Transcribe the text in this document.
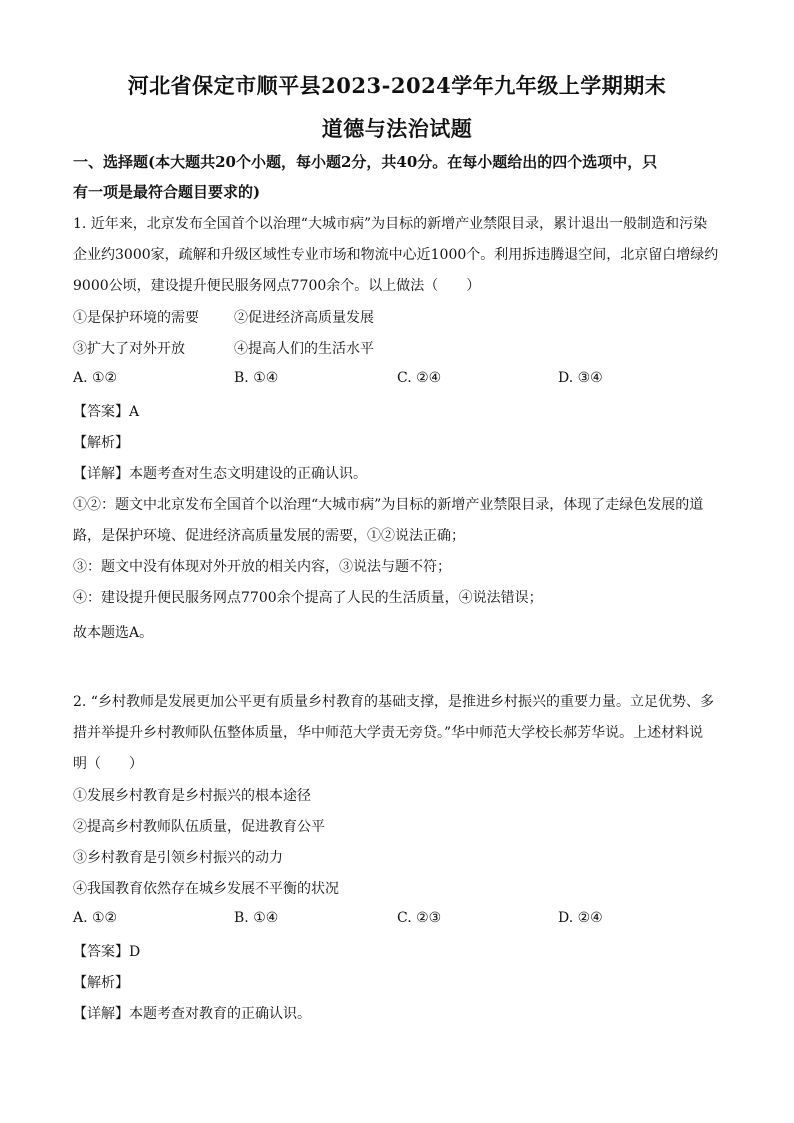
河北省保定市顺平县2023-2024学年九年级上学期期末
道德与法治试题
一、选择题(本大题共20个小题，每小题2分，共40分。在每小题给出的四个选项中，只
有一项是最符合题目要求的)
1. 近年来，北京发布全国首个以治理“大城市病”为目标的新增产业禁限目录，累计退出一般制造和污染
企业约3000家，疏解和升级区域性专业市场和物流中心近1000个。利用拆违腾退空间，北京留白增绿约
9000公顷，建设提升便民服务网点7700余个。以上做法（　　）
①是保护环境的需要	②促进经济高质量发展
③扩大了对外开放	④提高人们的生活水平
A. ①②	B. ①④	C. ②④	D. ③④
【答案】A
【解析】
【详解】本题考查对生态文明建设的正确认识。
①②：题文中北京发布全国首个以治理“大城市病”为目标的新增产业禁限目录，体现了走绿色发展的道
路，是保护环境、促进经济高质量发展的需要，①②说法正确；
③：题文中没有体现对外开放的相关内容，③说法与题不符；
④：建设提升便民服务网点7700余个提高了人民的生活质量，④说法错误；
故本题选A。
2. “乡村教师是发展更加公平更有质量乡村教育的基础支撑，是推进乡村振兴的重要力量。立足优势、多
措并举提升乡村教师队伍整体质量，华中师范大学责无旁贷。”华中师范大学校长郝芳华说。上述材料说
明（　　）
①发展乡村教育是乡村振兴的根本途径
②提高乡村教师队伍质量，促进教育公平
③乡村教育是引领乡村振兴的动力
④我国教育依然存在城乡发展不平衡的状况
A. ①②	B. ①④	C. ②③	D. ②④
【答案】D
【解析】
【详解】本题考查对教育的正确认识。
